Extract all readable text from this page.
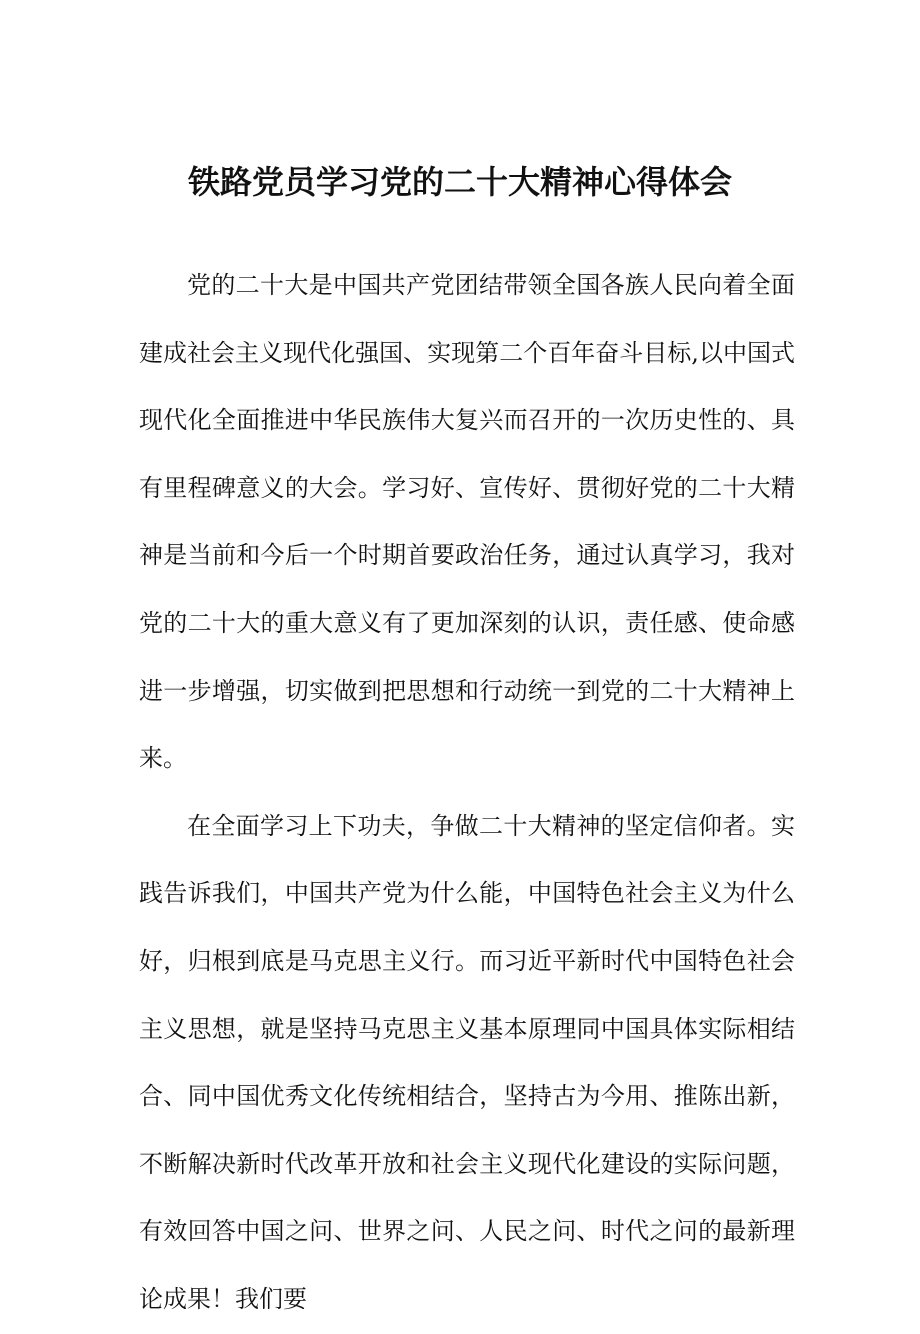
铁路党员学习党的二十大精神心得体会

党的二十大是中国共产党团结带领全国各族人民向着全面建成社会主义现代化强国、实现第二个百年奋斗目标,以中国式现代化全面推进中华民族伟大复兴而召开的一次历史性的、具有里程碑意义的大会。学习好、宣传好、贯彻好党的二十大精神是当前和今后一个时期首要政治任务，通过认真学习，我对党的二十大的重大意义有了更加深刻的认识，责任感、使命感进一步增强，切实做到把思想和行动统一到党的二十大精神上来。

在全面学习上下功夫，争做二十大精神的坚定信仰者。实践告诉我们，中国共产党为什么能，中国特色社会主义为什么好，归根到底是马克思主义行。而习近平新时代中国特色社会主义思想，就是坚持马克思主义基本原理同中国具体实际相结合、同中国优秀文化传统相结合，坚持古为今用、推陈出新，不断解决新时代改革开放和社会主义现代化建设的实际问题，有效回答中国之问、世界之问、人民之问、时代之问的最新理论成果！我们要
